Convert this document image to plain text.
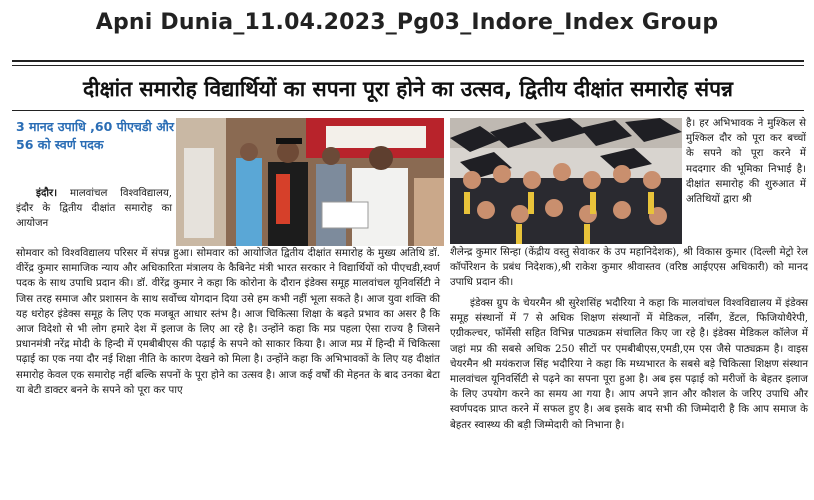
Apni Dunia_11.04.2023_Pg03_Indore_Index Group
दीक्षांत समारोह विद्यार्थियों का सपना पूरा होने का उत्सव, द्वितीय दीक्षांत समारोह संपन्न
3 मानद उपाधि ,60 पीएचडी और 56 को स्वर्ण पदक
इंदौर। मालवांचल विश्वविद्यालय, इंदौर के द्वितीय दीक्षांत समारोह का आयोजन
सोमवार को विश्वविद्यालय परिसर में संपन्न हुआ। सोमवार को आयोजित द्वितीय दीक्षांत समारोह के मुख्य अतिथि डॉ. वीरेंद्र कुमार सामाजिक न्याय और अधिकारिता मंत्रालय के कैबिनेट मंत्री भारत सरकार ने विद्यार्थियों को पीएचडी,स्वर्ण पदक के साथ उपाधि प्रदान की। डॉ. वीरेंद्र कुमार ने कहा कि कोरोना के दौरान इंडेक्स समूह मालवांचल यूनिवर्सिटी ने जिस तरह समाज और प्रशासन के साथ सर्वोच्च योगदान दिया उसे हम कभी नहीं भूला सकते है। आज युवा शक्ति की यह धरोहर इंडेक्स समूह के लिए एक मजबूत आधार स्तंभ है। आज चिकित्सा शिक्षा के बढ़ते प्रभाव का असर है कि आज विदेशो से भी लोग हमारे देश में इलाज के लिए आ रहे है। उन्होंने कहा कि मप्र पहला ऐसा राज्य है जिसने प्रधानमंत्री नरेंद्र मोदी के हिन्दी में एमबीबीएस की पढ़ाई के सपने को साकार किया है। आज मप्र में हिन्दी में चिकित्सा पढ़ाई का एक नया दौर नई शिक्षा नीति के कारण देखने को मिला है। उन्होंने कहा कि अभिभावकों के लिए यह दीक्षांत समारोह केवल एक समारोह नहीं बल्कि सपनों के पूरा होने का उत्सव है। आज कई वर्षों की मेहनत के बाद उनका बेटा या बेटी डाक्टर बनने के सपने को पूरा कर पाए
है। हर अभिभावक ने मुश्किल से मुश्किल दौर को पूरा कर बच्चों के सपने को पूरा करने में मददगार की भूमिका निभाई है। दीक्षांत समारोह की शुरुआत में अतिथियों द्वारा श्री
शैलेन्द्र कुमार सिन्हा (केंद्रीय वस्तु सेवाकर के उप महानिदेशक), श्री विकास कुमार (दिल्ली मेट्रो रेल कॉर्पोरेशन के प्रबंध निदेशक),श्री राकेश कुमार श्रीवास्तव (वरिष्ठ आईएएस अधिकारी) को मानद उपाधि प्रदान की।
इंडेक्स ग्रुप के चेयरमैन श्री सुरेशसिंह भदौरिया ने कहा कि मालवांचल विश्वविद्यालय में इंडेक्स समूह संस्थानों में 7 से अधिक शिक्षण संस्थानों में मेडिकल, नर्सिंग, डेंटल, फिजियोथैरेपी, एग्रीकल्चर, फॉर्मेसी सहित विभिन्न पाठ्यक्रम संचालित किए जा रहे है। इंडेक्स मेडिकल कॉलेज में जहां मप्र की सबसे अधिक 250 सीटों पर एमबीबीएस,एमडी,एम एस जैसे पाठ्यक्रम है। वाइस चेयरमैन श्री मयंकराज सिंह भदौरिया ने कहा कि मध्यभारत के सबसे बड़े चिकित्सा शिक्षण संस्थान मालवांचल यूनिवर्सिटी से पढ़ने का सपना पूरा हुआ है। अब इस पढ़ाई को मरीजों के बेहतर इलाज के लिए उपयोग करने का समय आ गया है। आप अपने ज्ञान और कौशल के जरिए उपाधि और स्वर्णपदक प्राप्त करने में सफल हुए है। अब इसके बाद सभी की जिम्मेदारी है कि आप समाज के बेहतर स्वास्थ्य की बड़ी जिम्मेदारी को निभाना है।
